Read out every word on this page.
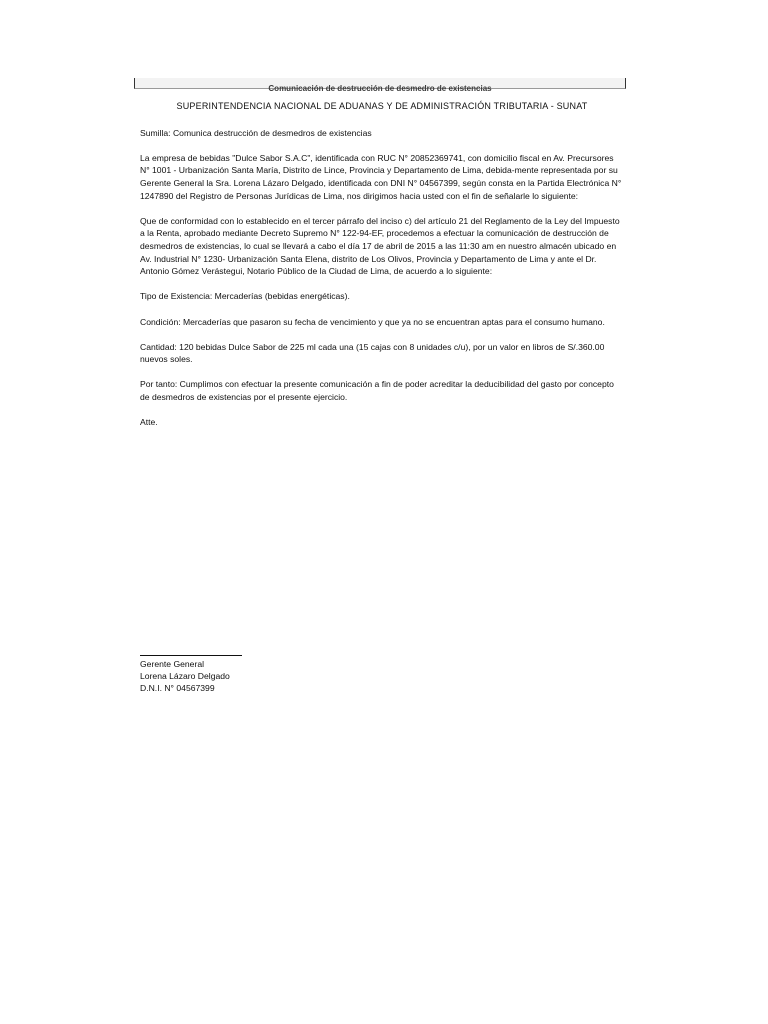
Comunicación de destrucción de desmedro de existencias

SUPERINTENDENCIA NACIONAL DE ADUANAS Y DE ADMINISTRACIÓN TRIBUTARIA - SUNAT

Sumilla: Comunica destrucción de desmedros de existencias

La empresa de bebidas "Dulce Sabor S.A.C", identificada con RUC N° 20852369741, con domicilio fiscal en Av. Precursores N° 1001 - Urbanización Santa María, Distrito de Lince, Provincia y Departamento de Lima, debida-mente representada por su Gerente General la Sra. Lorena Lázaro Delgado, identificada con DNI N° 04567399, según consta en la Partida Electrónica N° 1247890 del Registro de Personas Jurídicas de Lima, nos dirigimos hacia usted con el fin de señalarle lo siguiente:

Que de conformidad con lo establecido en el tercer párrafo del inciso c) del artículo 21 del Reglamento de la Ley del Impuesto a la Renta, aprobado mediante Decreto Supremo N° 122-94-EF, procedemos a efectuar la comunicación de destrucción de desmedros de existencias, lo cual se llevará a cabo el día 17 de abril de 2015 a las 11:30 am en nuestro almacén ubicado en Av. Industrial N° 1230- Urbanización Santa Elena, distrito de Los Olivos, Provincia y Departamento de Lima y ante el Dr. Antonio Gómez Verástegui, Notario Público de la Ciudad de Lima, de acuerdo a lo siguiente:

Tipo de Existencia: Mercaderías (bebidas energéticas).

Condición: Mercaderías que pasaron su fecha de vencimiento y que ya no se encuentran aptas para el consumo humano.

Cantidad: 120 bebidas Dulce Sabor de 225 ml cada una (15 cajas con 8 unidades c/u), por un valor en libros de S/.360.00 nuevos soles.

Por tanto: Cumplimos con efectuar la presente comunicación a fin de poder acreditar la deducibilidad del gasto por concepto de desmedros de existencias por el presente ejercicio.

Atte.

Gerente General
Lorena Lázaro Delgado
D.N.I. N° 04567399
